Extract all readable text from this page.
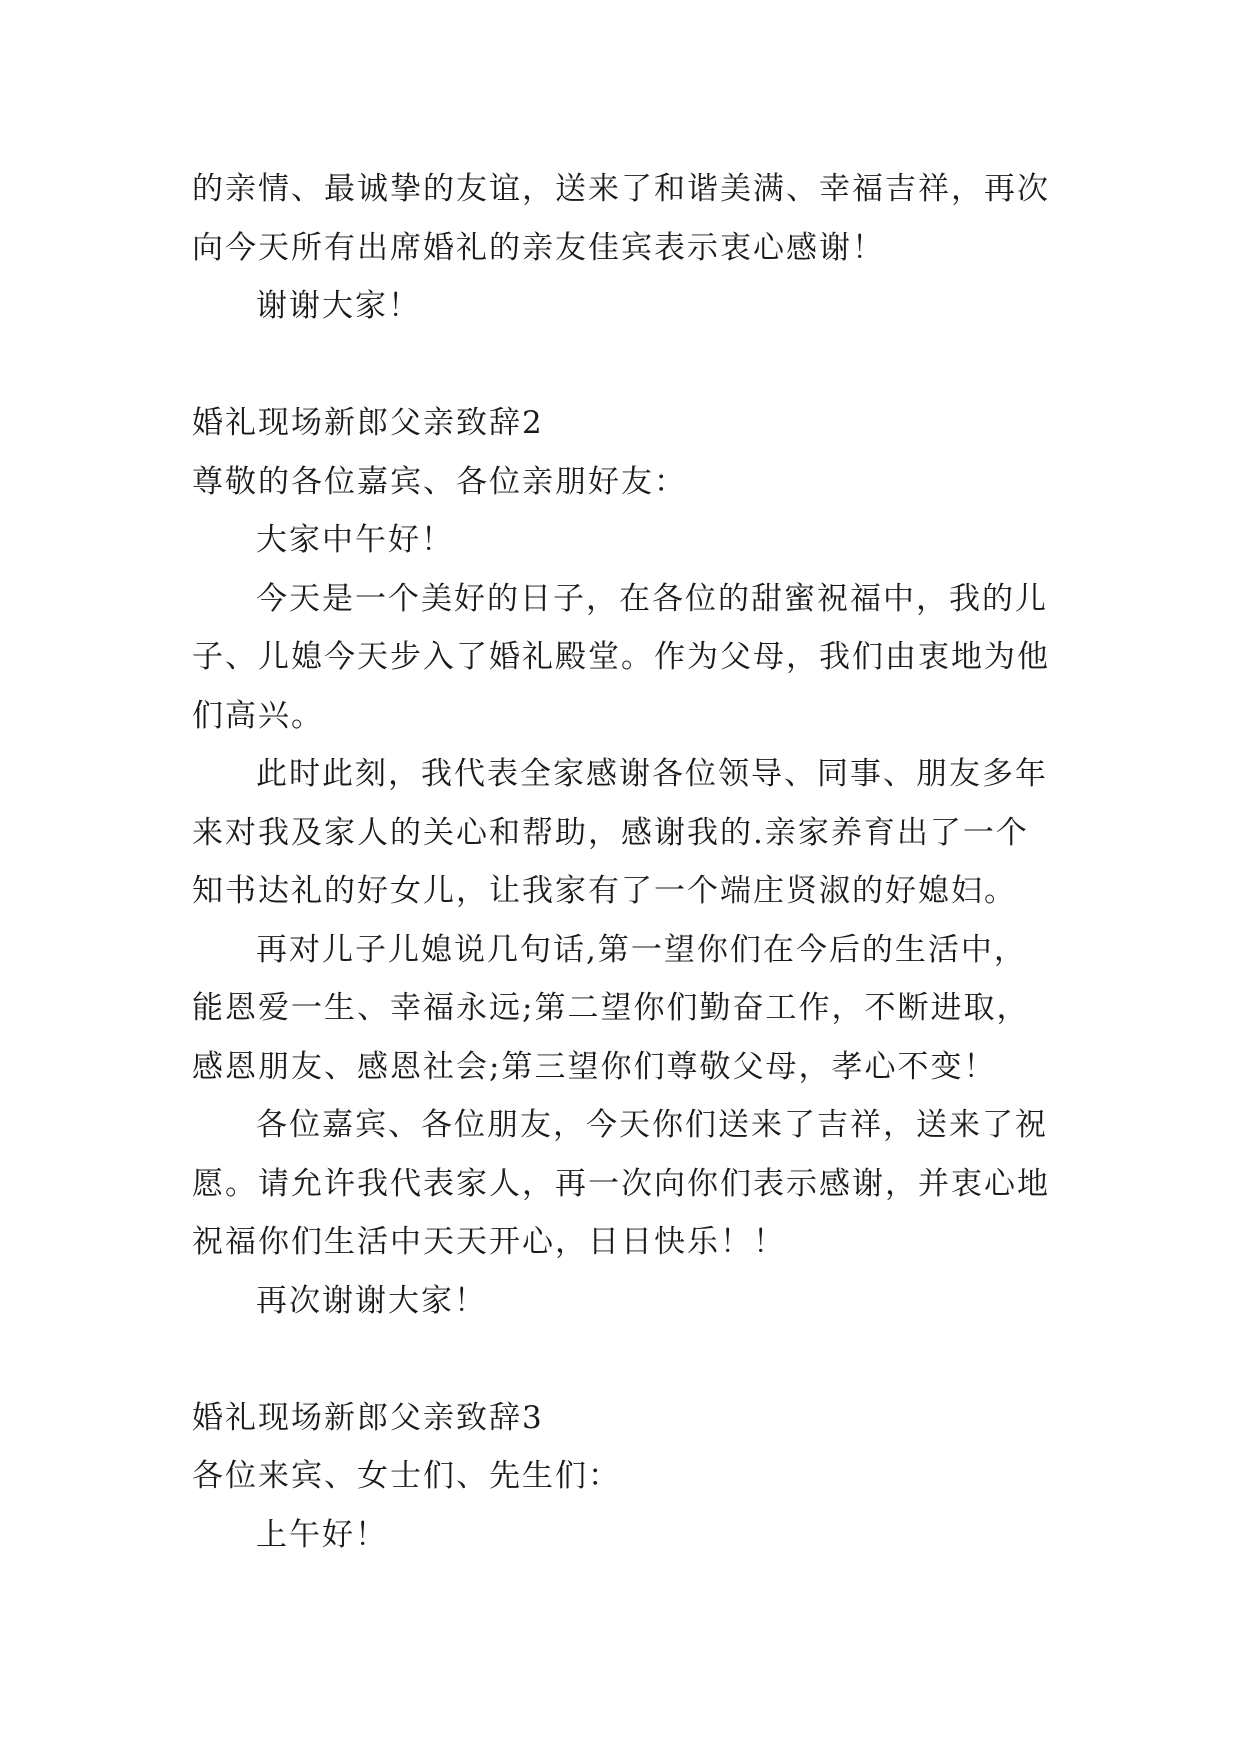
的亲情、最诚挚的友谊，送来了和谐美满、幸福吉祥，再次

向今天所有出席婚礼的亲友佳宾表示衷心感谢！

谢谢大家！

婚礼现场新郎父亲致辞2

尊敬的各位嘉宾、各位亲朋好友：

大家中午好！

今天是一个美好的日子，在各位的甜蜜祝福中，我的儿

子、儿媳今天步入了婚礼殿堂。作为父母，我们由衷地为他

们高兴。

此时此刻，我代表全家感谢各位领导、同事、朋友多年

来对我及家人的关心和帮助，感谢我的.亲家养育出了一个

知书达礼的好女儿，让我家有了一个端庄贤淑的好媳妇。

再对儿子儿媳说几句话,第一望你们在今后的生活中，

能恩爱一生、幸福永远;第二望你们勤奋工作，不断进取，

感恩朋友、感恩社会;第三望你们尊敬父母，孝心不变！

各位嘉宾、各位朋友，今天你们送来了吉祥，送来了祝

愿。请允许我代表家人，再一次向你们表示感谢，并衷心地

祝福你们生活中天天开心，日日快乐！！

再次谢谢大家！

婚礼现场新郎父亲致辞3

各位来宾、女士们、先生们：

上午好！
